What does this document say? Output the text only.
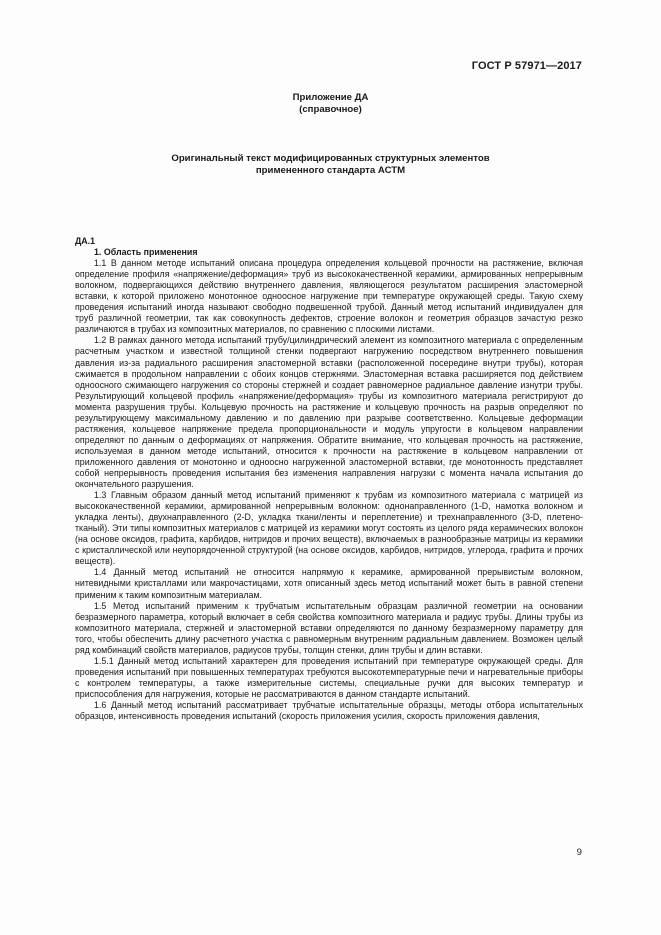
ГОСТ Р 57971—2017
Приложение ДА
(справочное)
Оригинальный текст модифицированных структурных элементов
примененного стандарта АСТМ

ДА.1

1. Область применения

1.1 В данном методе испытаний описана процедура определения кольцевой прочности на растяжение, включая определение профиля «напряжение/деформация» труб из высококачественной керамики, армированных непрерывным волокном, подвергающихся действию внутреннего давления, являющегося результатом расширения эластомерной вставки, к которой приложено монотонное одноосное нагружение при температуре окружающей среды. Такую схему проведения испытаний иногда называют свободно подвешенной трубой. Данный метод испытаний индивидуален для труб различной геометрии, так как совокупность дефектов, строение волокон и геометрия образцов зачастую резко различаются в трубах из композитных материалов, по сравнению с плоскими листами.

1.2 В рамках данного метода испытаний трубу/цилиндрический элемент из композитного материала с определенным расчетным участком и известной толщиной стенки подвергают нагружению посредством внутреннего повышения давления из-за радиального расширения эластомерной вставки (расположенной посередине внутри трубы), которая сжимается в продольном направлении с обоих концов стержнями. Эластомерная вставка расширяется под действием одноосного сжимающего нагружения со стороны стержней и создает равномерное радиальное давление изнутри трубы. Результирующий кольцевой профиль «напряжение/деформация» трубы из композитного материала регистрируют до момента разрушения трубы. Кольцевую прочность на растяжение и кольцевую прочность на разрыв определяют по результирующему максимальному давлению и по давлению при разрыве соответственно. Кольцевые деформации растяжения, кольцевое напряжение предела пропорциональности и модуль упругости в кольцевом направлении определяют по данным о деформациях от напряжения. Обратите внимание, что кольцевая прочность на растяжение, используемая в данном методе испытаний, относится к прочности на растяжение в кольцевом направлении от приложенного давления от монотонно и одноосно нагруженной эластомерной вставки, где монотонность представляет собой непрерывность проведения испытания без изменения направления нагрузки с момента начала испытания до окончательного разрушения.

1.3 Главным образом данный метод испытаний применяют к трубам из композитного материала с матрицей из высококачественной керамики, армированной непрерывным волокном: однонаправленного (1-D, намотка волокном и укладка ленты), двухнаправленного (2-D, укладка ткани/ленты и переплетение) и трехнаправленного (3-D, плетено-тканый). Эти типы композитных материалов с матрицей из керамики могут состоять из целого ряда керамических волокон (на основе оксидов, графита, карбидов, нитридов и прочих веществ), включаемых в разнообразные матрицы из керамики с кристаллической или неупорядоченной структурой (на основе оксидов, карбидов, нитридов, углерода, графита и прочих веществ).

1.4 Данный метод испытаний не относится напрямую к керамике, армированной прерывистым волокном, нитевидными кристаллами или макрочастицами, хотя описанный здесь метод испытаний может быть в равной степени применим к таким композитным материалам.

1.5 Метод испытаний применим к трубчатым испытательным образцам различной геометрии на основании безразмерного параметра, который включает в себя свойства композитного материала и радиус трубы. Длины трубы из композитного материала, стержней и эластомерной вставки определяются по данному безразмерному параметру для того, чтобы обеспечить длину расчетного участка с равномерным внутренним радиальным давлением. Возможен целый ряд комбинаций свойств материалов, радиусов трубы, толщин стенки, длин трубы и длин вставки.

1.5.1 Данный метод испытаний характерен для проведения испытаний при температуре окружающей среды. Для проведения испытаний при повышенных температурах требуются высокотемпературные печи и нагревательные приборы с контролем температуры, а также измерительные системы, специальные ручки для высоких температур и приспособления для нагружения, которые не рассматриваются в данном стандарте испытаний.

1.6 Данный метод испытаний рассматривает трубчатые испытательные образцы, методы отбора испытательных образцов, интенсивность проведения испытаний (скорость приложения усилия, скорость приложения давления,

9
